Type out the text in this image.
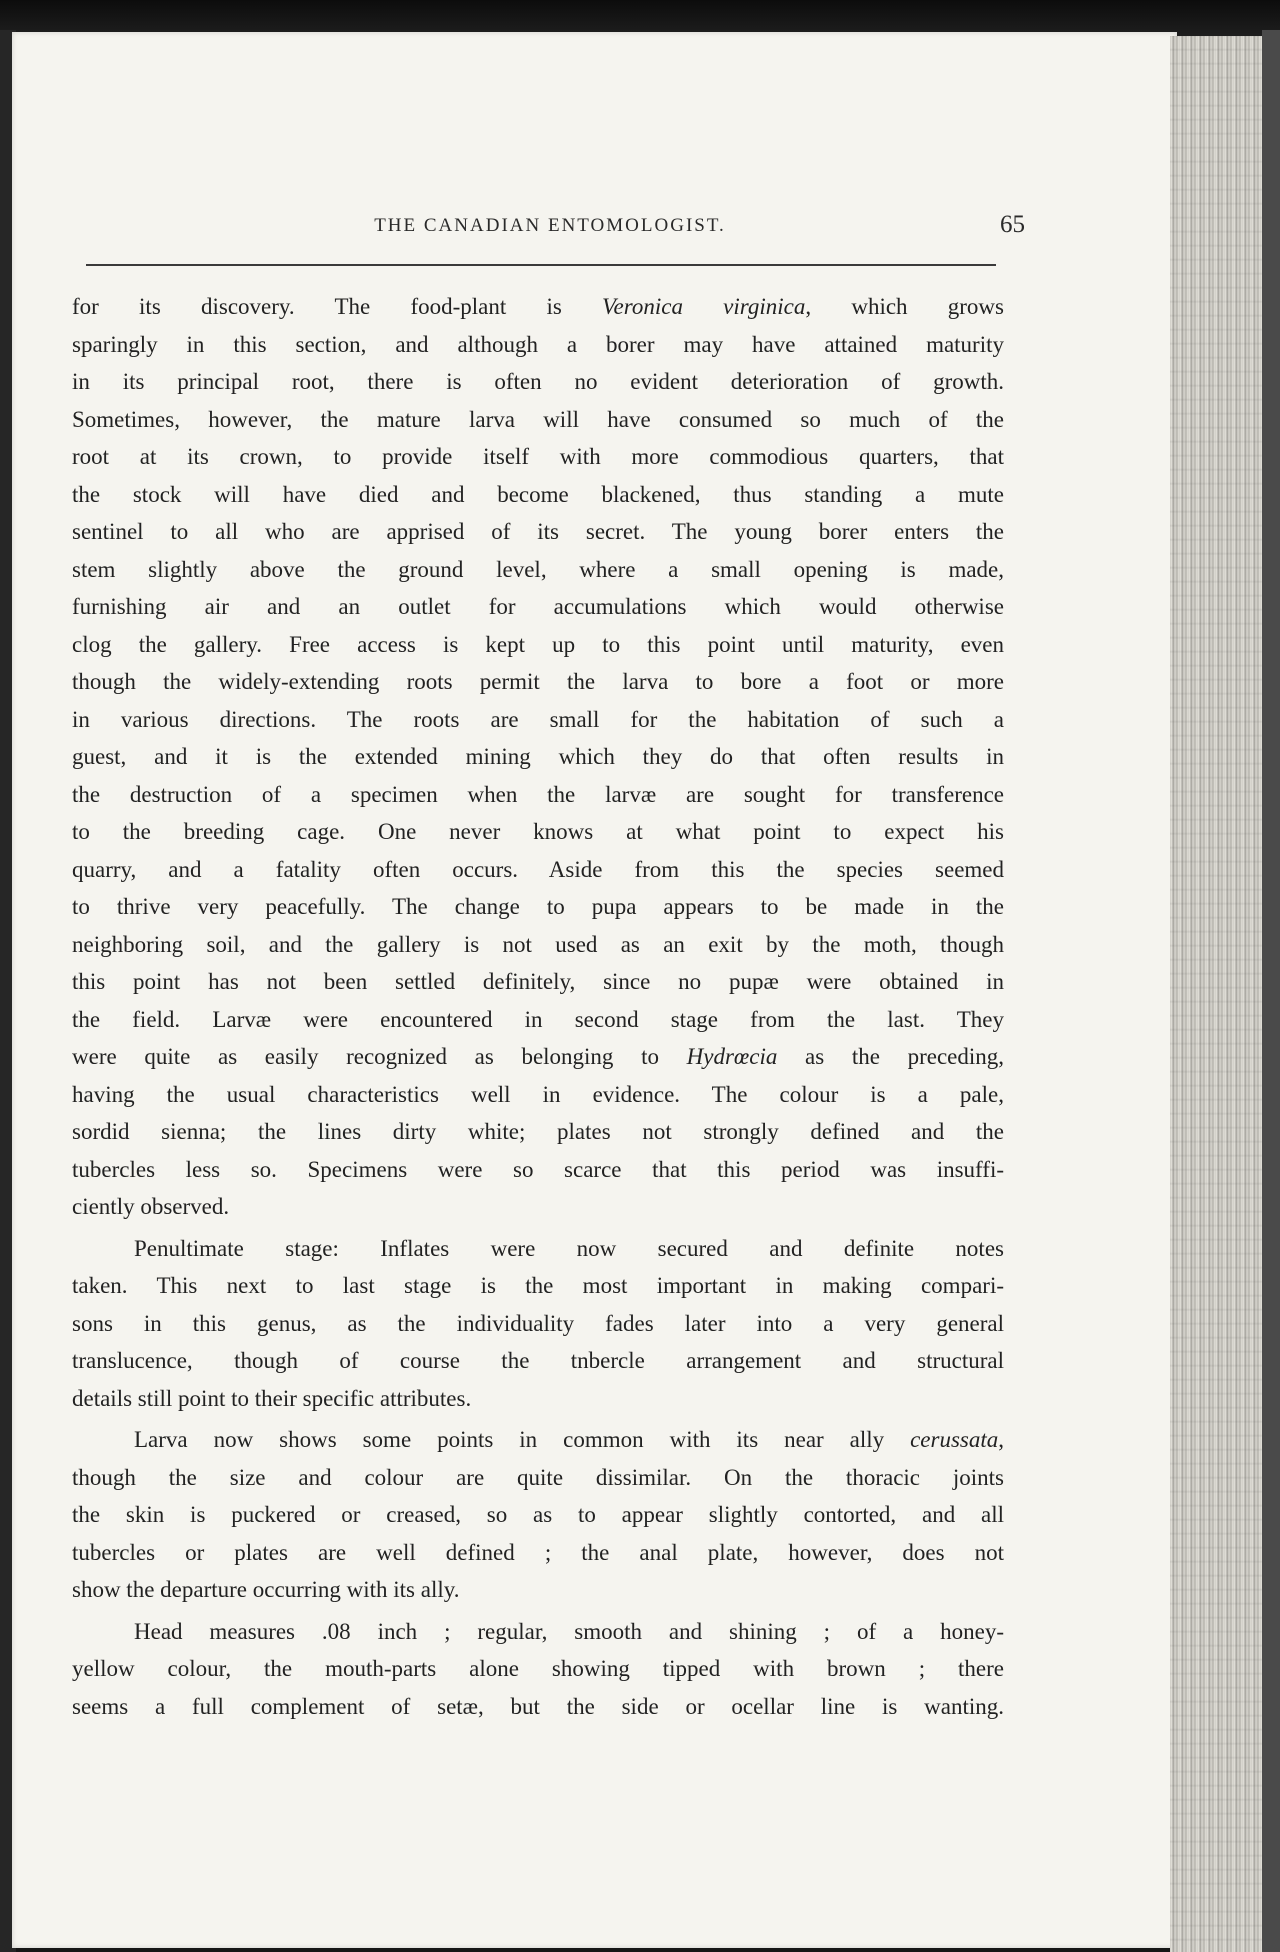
THE CANADIAN ENTOMOLOGIST.	65

for its discovery. The food-plant is Veronica virginica, which grows

sparingly in this section, and although a borer may have attained maturity

in its principal root, there is often no evident deterioration of growth.

Sometimes, however, the mature larva will have consumed so much of the

root at its crown, to provide itself with more commodious quarters, that

the stock will have died and become blackened, thus standing a mute

sentinel to all who are apprised of its secret. The young borer enters the

stem slightly above the ground level, where a small opening is made,

furnishing air and an outlet for accumulations which would otherwise

clog the gallery. Free access is kept up to this point until maturity, even

though the widely-extending roots permit the larva to bore a foot or more

in various directions. The roots are small for the habitation of such a

guest, and it is the extended mining which they do that often results in

the destruction of a specimen when the larvæ are sought for transference

to the breeding cage. One never knows at what point to expect his

quarry, and a fatality often occurs. Aside from this the species seemed

to thrive very peacefully. The change to pupa appears to be made in the

neighboring soil, and the gallery is not used as an exit by the moth, though

this point has not been settled definitely, since no pupæ were obtained in

the field. Larvæ were encountered in second stage from the last. They

were quite as easily recognized as belonging to Hydrœcia as the preceding,

having the usual characteristics well in evidence. The colour is a pale,

sordid sienna; the lines dirty white; plates not strongly defined and the

tubercles less so. Specimens were so scarce that this period was insuffi-

ciently observed.

Penultimate stage: Inflates were now secured and definite notes

taken. This next to last stage is the most important in making compari-

sons in this genus, as the individuality fades later into a very general

translucence, though of course the tnbercle arrangement and structural

details still point to their specific attributes.

Larva now shows some points in common with its near ally cerussata,

though the size and colour are quite dissimilar. On the thoracic joints

the skin is puckered or creased, so as to appear slightly contorted, and all

tubercles or plates are well defined ; the anal plate, however, does not

show the departure occurring with its ally.

Head measures .08 inch ; regular, smooth and shining ; of a honey-

yellow colour, the mouth-parts alone showing tipped with brown ; there

seems a full complement of setæ, but the side or ocellar line is wanting.
